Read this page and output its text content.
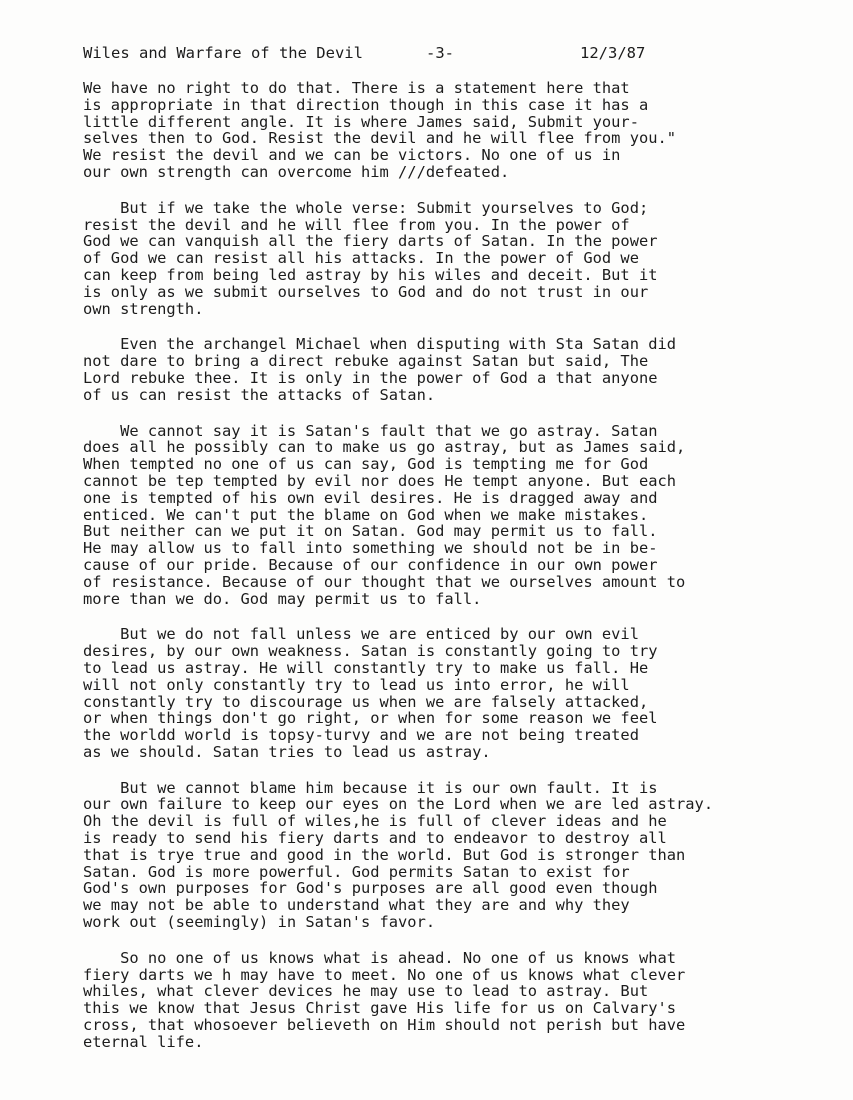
Wiles and Warfare of the Devil

	-3-

	12/3/87

We have no right to do that. There is a statement here that
is appropriate in that direction though in this case it has a
little different angle. It is where James said, Submit your-
selves then to God. Resist the devil and he will flee from you."
We resist the devil and we can be victors. No one of us in
our own strength can overcome him ///defeated.
But if we take the whole verse: Submit yourselves to God;
resist the devil and he will flee from you. In the power of
God we can vanquish all the fiery darts of Satan. In the power
of God we can resist all his attacks. In the power of God we
can keep from being led astray by his wiles and deceit. But it
is only as we submit ourselves to God and do not trust in our
own strength.
Even the archangel Michael when disputing with Sta Satan did
not dare to bring a direct rebuke against Satan but said, The
Lord rebuke thee. It is only in the power of God a that anyone
of us can resist the attacks of Satan.
We cannot say it is Satan's fault that we go astray. Satan
does all he possibly can to make us go astray, but as James said,
When tempted no one of us can say, God is tempting me for God
cannot be tep tempted by evil nor does He tempt anyone. But each
one is tempted of his own evil desires. He is dragged away and
enticed. We can't put the blame on God when we make mistakes.
But neither can we put it on Satan. God may permit us to fall.
He may allow us to fall into something we should not be in be-
cause of our pride. Because of our confidence in our own power
of resistance. Because of our thought that we ourselves amount to
more than we do. God may permit us to fall.
But we do not fall unless we are enticed by our own evil
desires, by our own weakness. Satan is constantly going to try
to lead us astray. He will constantly try to make us fall. He
will not only constantly try to lead us into error, he will
constantly try to discourage us when we are falsely attacked,
or when things don't go right, or when for some reason we feel
the worldd world is topsy-turvy and we are not being treated
as we should. Satan tries to lead us astray.
But we cannot blame him because it is our own fault. It is
our own failure to keep our eyes on the Lord when we are led astray.
Oh the devil is full of wiles,he is full of clever ideas and he
is ready to send his fiery darts and to endeavor to destroy all
that is trye true and good in the world. But God is stronger than
Satan. God is more powerful. God permits Satan to exist for
God's own purposes for God's purposes are all good even though
we may not be able to understand what they are and why they
work out (seemingly) in Satan's favor.
So no one of us knows what is ahead. No one of us knows what
fiery darts we h may have to meet. No one of us knows what clever
whiles, what clever devices he may use to lead to astray. But
this we know that Jesus Christ gave His life for us on Calvary's
cross, that whosoever believeth on Him should not perish but have
eternal life.
